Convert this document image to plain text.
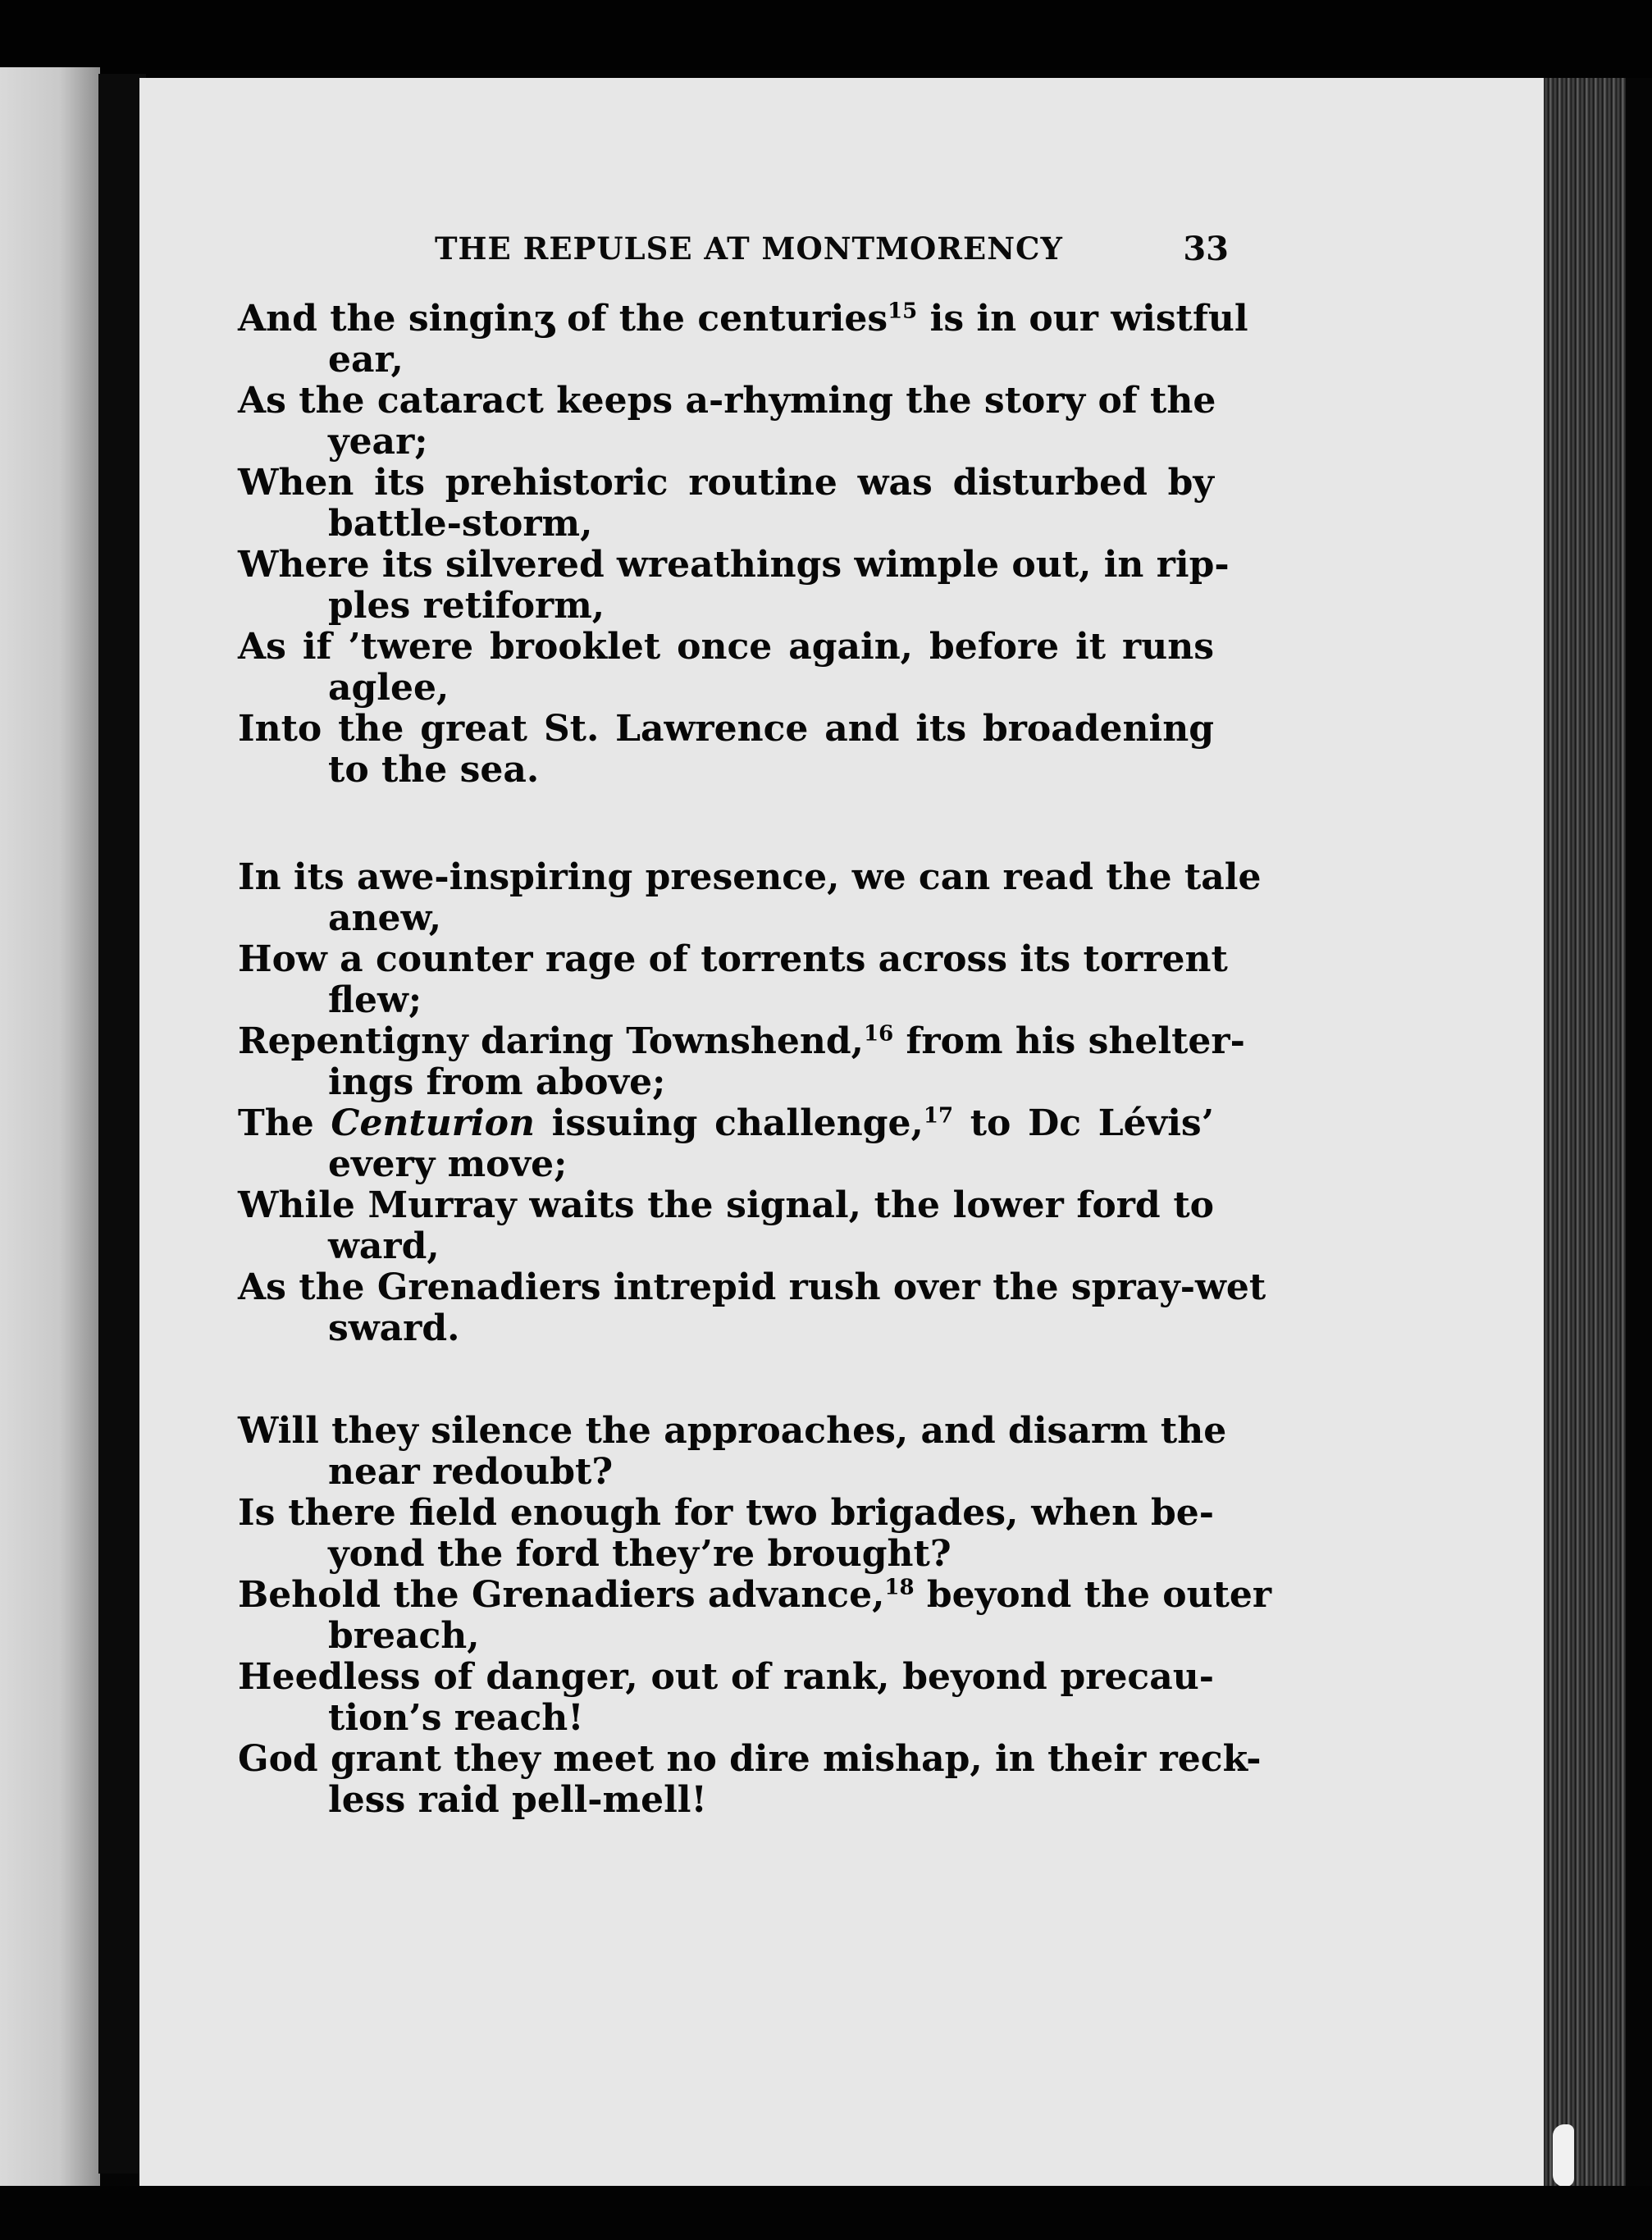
THE REPULSE AT MONTMORENCY	33
And the singinʒ of the centuries$^{15}$ is in our wistful
ear,
As the cataract keeps a-rhyming the story of the
year;
When its prehistoric routine was disturbed by
battle-storm,
Where its silvered wreathings wimple out, in rip-
ples retiform,
As if ’twere brooklet once again, before it runs
aglee,
Into the great St. Lawrence and its broadening
to the sea.
In its awe-inspiring presence, we can read the tale
anew,
How a counter rage of torrents across its torrent
flew;
Repentigny daring Townshend,$^{16}$ from his shelter-
ings from above;
The Centurion issuing challenge,$^{17}$ to Dc Lévis’
every move;
While Murray waits the signal, the lower ford to
ward,
As the Grenadiers intrepid rush over the spray-wet
sward.
Will they silence the approaches, and disarm the
near redoubt?
Is there field enough for two brigades, when be-
yond the ford they’re brought?
Behold the Grenadiers advance,$^{18}$ beyond the outer
breach,
Heedless of danger, out of rank, beyond precau-
tion’s reach!
God grant they meet no dire mishap, in their reck-
less raid pell-mell!
